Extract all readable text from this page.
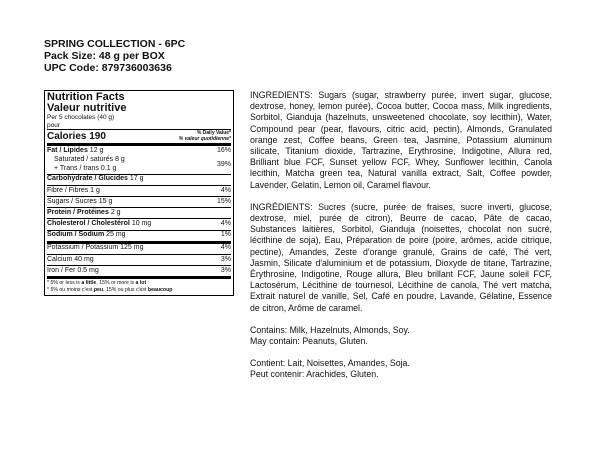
SPRING COLLECTION - 6PC
Pack Size: 48 g per BOX
UPC Code: 879736003636
Nutrition Facts
Valeur nutritive
Per 5 chocolates (40 g)
pour
Calories 190	% Daily Value*
% valeur quotidienne*
Fat / Lipides 12 g	16%
Saturated / saturés 8 g
+ Trans / trans 0.1 g
39%
Carbohydrate / Glucides 17 g
Fibre / Fibres 1 g	4%
Sugars / Sucres 15 g	15%
Protein / Protéines 2 g
Cholesterol / Cholestérol 10 mg	4%
Sodium / Sodium 25 mg	1%
Potassium / Potassium 125 mg	4%
Calcium 40 mg	3%
Iron / Fer 0.5 mg	3%
* 5% or less is a little, 15% or more is a lot
* 5% ou moins c'est peu, 15% ou plus c'est beaucoup

INGREDIENTS: Sugars (sugar, strawberry purée, invert sugar, glucose, dextrose, honey, lemon purée), Cocoa butter, Cocoa mass, Milk ingredients, Sorbitol, Gianduja (hazelnuts, unsweetened chocolate, soy lecithin), Water, Compound pear (pear, flavours, citric acid, pectin), Almonds, Granulated orange zest, Coffee beans, Green tea, Jasmine, Potassium aluminum silicate, Titanium dioxide, Tartrazine, Erythrosine, Indigotine, Allura red, Brilliant blue FCF, Sunset yellow FCF, Whey, Sunflower lecithin, Canola lecithin, Matcha green tea, Natural vanilla extract, Salt, Coffee powder, Lavender, Gelatin, Lemon oil, Caramel flavour.

INGRÉDIENTS: Sucres (sucre, purée de fraises, sucre inverti, glucose, dextrose, miel, purée de citron), Beurre de cacao, Pâte de cacao, Substances laitières, Sorbitol, Gianduja (noisettes, chocolat non sucré, lécithine de soja), Eau, Préparation de poire (poire, arômes, acide citrique, pectine), Amandes, Zeste d'orange granulé, Grains de café, Thé vert, Jasmin, Silicate d'aluminium et de potassium, Dioxyde de titane, Tartrazine, Érythrosine, Indigotine, Rouge allura, Bleu brillant FCF, Jaune soleil FCF, Lactosérum, Lécithine de tournesol, Lécithine de canola, Thé vert matcha, Extrait naturel de vanille, Sel, Café en poudre, Lavande, Gélatine, Essence de citron, Arôme de caramel.

Contains: Milk, Hazelnuts, Almonds, Soy.

May contain: Peanuts, Gluten.

Contient: Lait, Noisettes, Amandes, Soja.

Peut contenir: Arachides, Gluten.
